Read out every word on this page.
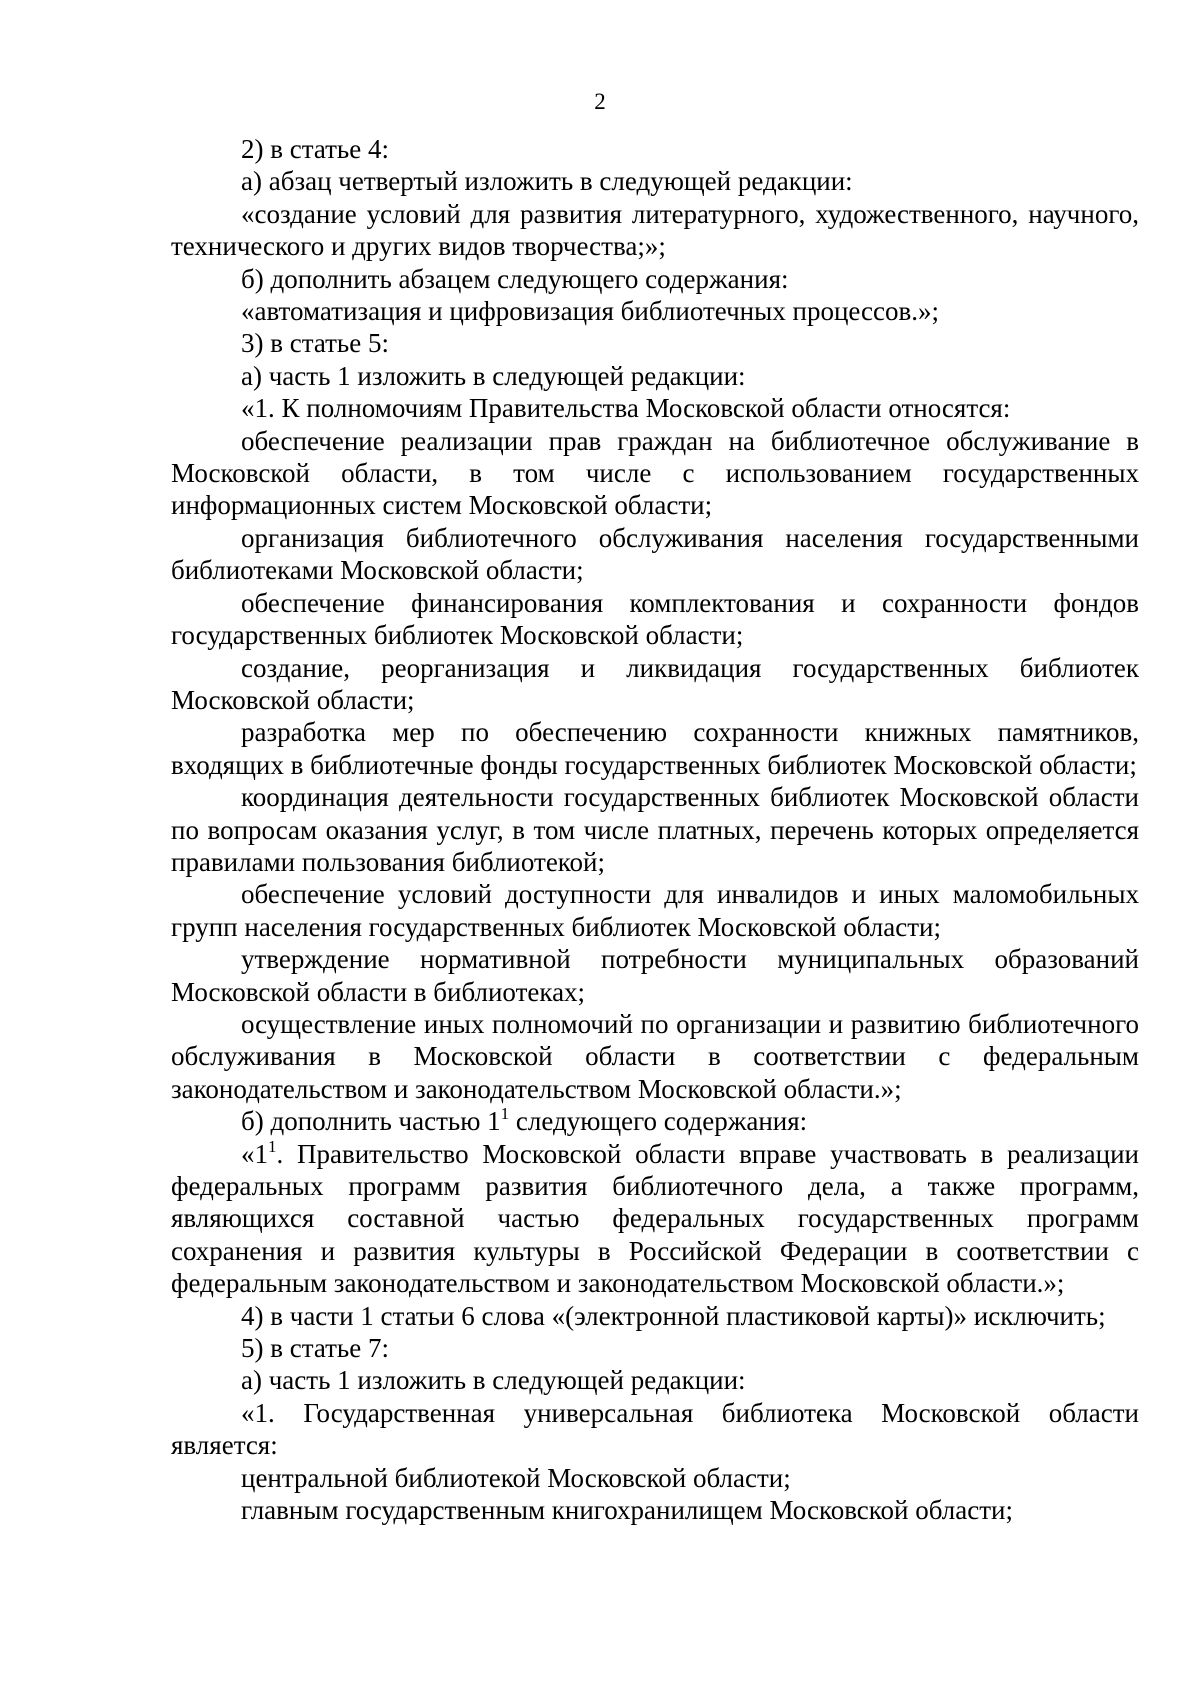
2

2) в статье 4:

а) абзац четвертый изложить в следующей редакции:

«создание условий для развития литературного, художественного, научного, технического и других видов творчества;»;

б) дополнить абзацем следующего содержания:

«автоматизация и цифровизация библиотечных процессов.»;

3) в статье 5:

а) часть 1 изложить в следующей редакции:

«1. К полномочиям Правительства Московской области относятся:

обеспечение реализации прав граждан на библиотечное обслуживание в Московской области, в том числе с использованием государственных информационных систем Московской области;

организация библиотечного обслуживания населения государственными библиотеками Московской области;

обеспечение финансирования комплектования и сохранности фондов государственных библиотек Московской области;

создание, реорганизация и ликвидация государственных библиотек Московской области;

разработка мер по обеспечению сохранности книжных памятников, входящих в библиотечные фонды государственных библиотек Московской области;

координация деятельности государственных библиотек Московской области по вопросам оказания услуг, в том числе платных, перечень которых определяется правилами пользования библиотекой;

обеспечение условий доступности для инвалидов и иных маломобильных групп населения государственных библиотек Московской области;

утверждение нормативной потребности муниципальных образований Московской области в библиотеках;

осуществление иных полномочий по организации и развитию библиотечного обслуживания в Московской области в соответствии с федеральным законодательством и законодательством Московской области.»;

б) дополнить частью $1^1$ следующего содержания:

«$1^1$. Правительство Московской области вправе участвовать в реализации федеральных программ развития библиотечного дела, а также программ, являющихся составной частью федеральных государственных программ сохранения и развития культуры в Российской Федерации в соответствии с федеральным законодательством и законодательством Московской области.»;

4) в части 1 статьи 6 слова «(электронной пластиковой карты)» исключить;

5) в статье 7:

а) часть 1 изложить в следующей редакции:

«1. Государственная универсальная библиотека Московской области является:

центральной библиотекой Московской области;

главным государственным книгохранилищем Московской области;
